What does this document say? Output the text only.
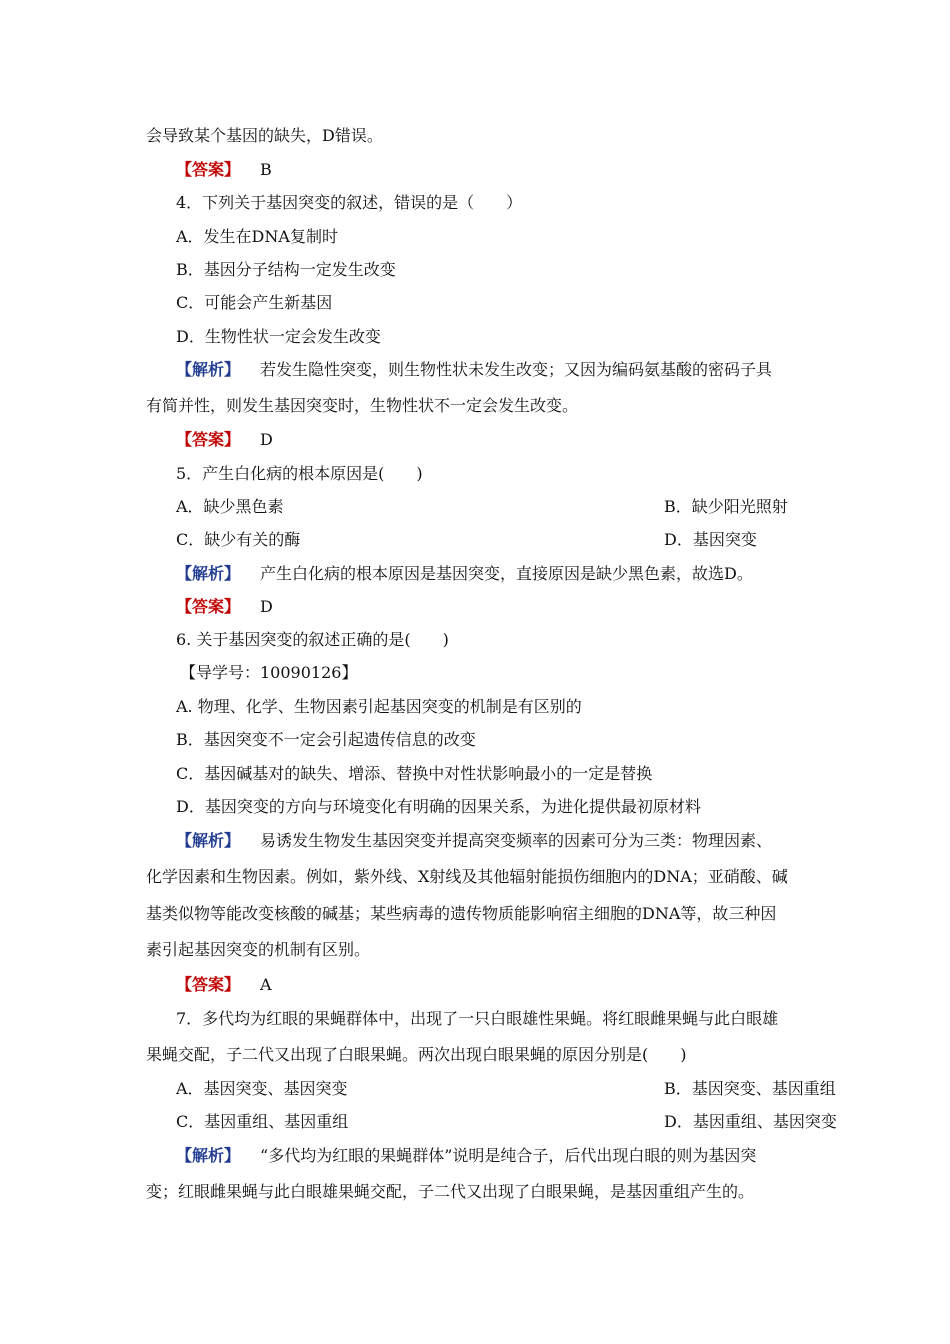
会导致某个基因的缺失，D错误。
【答案】 B
4．下列关于基因突变的叙述，错误的是（　　）
A．发生在DNA复制时
B．基因分子结构一定发生改变
C．可能会产生新基因
D．生物性状一定会发生改变
【解析】 若发生隐性突变，则生物性状未发生改变；又因为编码氨基酸的密码子具
有简并性，则发生基因突变时，生物性状不一定会发生改变。
【答案】 D
5．产生白化病的根本原因是(　　)
A．缺少黑色素	B．缺少阳光照射
C．缺少有关的酶	D．基因突变
【解析】 产生白化病的根本原因是基因突变，直接原因是缺少黑色素，故选D。
【答案】 D
6. 关于基因突变的叙述正确的是(　　)
【导学号：10090126】
A. 物理、化学、生物因素引起基因突变的机制是有区别的
B．基因突变不一定会引起遗传信息的改变
C．基因碱基对的缺失、增添、替换中对性状影响最小的一定是替换
D．基因突变的方向与环境变化有明确的因果关系，为进化提供最初原材料
【解析】 易诱发生物发生基因突变并提高突变频率的因素可分为三类：物理因素、
化学因素和生物因素。例如，紫外线、X射线及其他辐射能损伤细胞内的DNA；亚硝酸、碱
基类似物等能改变核酸的碱基；某些病毒的遗传物质能影响宿主细胞的DNA等，故三种因
素引起基因突变的机制有区别。
【答案】 A
7．多代均为红眼的果蝇群体中，出现了一只白眼雄性果蝇。将红眼雌果蝇与此白眼雄
果蝇交配，子二代又出现了白眼果蝇。两次出现白眼果蝇的原因分别是(　　)
A．基因突变、基因突变	B．基因突变、基因重组
C．基因重组、基因重组	D．基因重组、基因突变
【解析】 “多代均为红眼的果蝇群体”说明是纯合子，后代出现白眼的则为基因突
变；红眼雌果蝇与此白眼雄果蝇交配，子二代又出现了白眼果蝇，是基因重组产生的。
